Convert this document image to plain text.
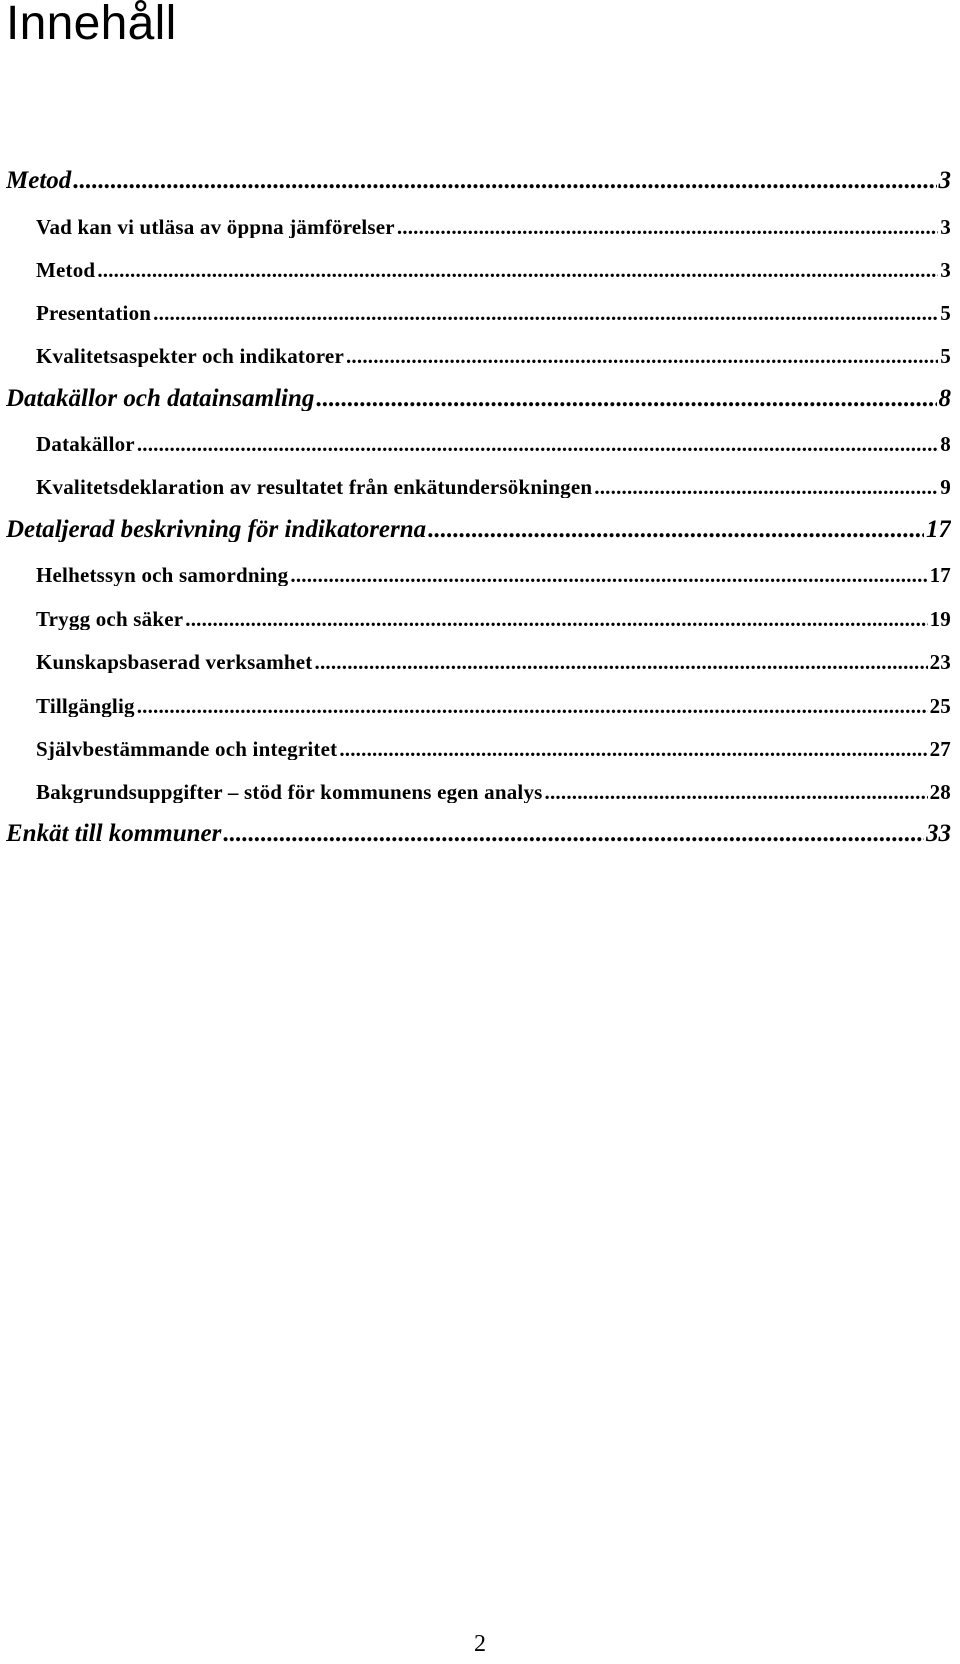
Innehåll
Metod .....	3
Vad kan vi utläsa av öppna jämförelser .....	3
Metod .....	3
Presentation .....	5
Kvalitetsaspekter och indikatorer .....	5
Datakällor och datainsamling .....	8
Datakällor .....	8
Kvalitetsdeklaration av resultatet från enkätundersökningen .....	9
Detaljerad beskrivning för indikatorerna .....	17
Helhetssyn och samordning .....	17
Trygg och säker .....	19
Kunskapsbaserad verksamhet .....	23
Tillgänglig .....	25
Självbestämmande och integritet .....	27
Bakgrundsuppgifter – stöd för kommunens egen analys .....	28
Enkät till kommuner .....	33
2
